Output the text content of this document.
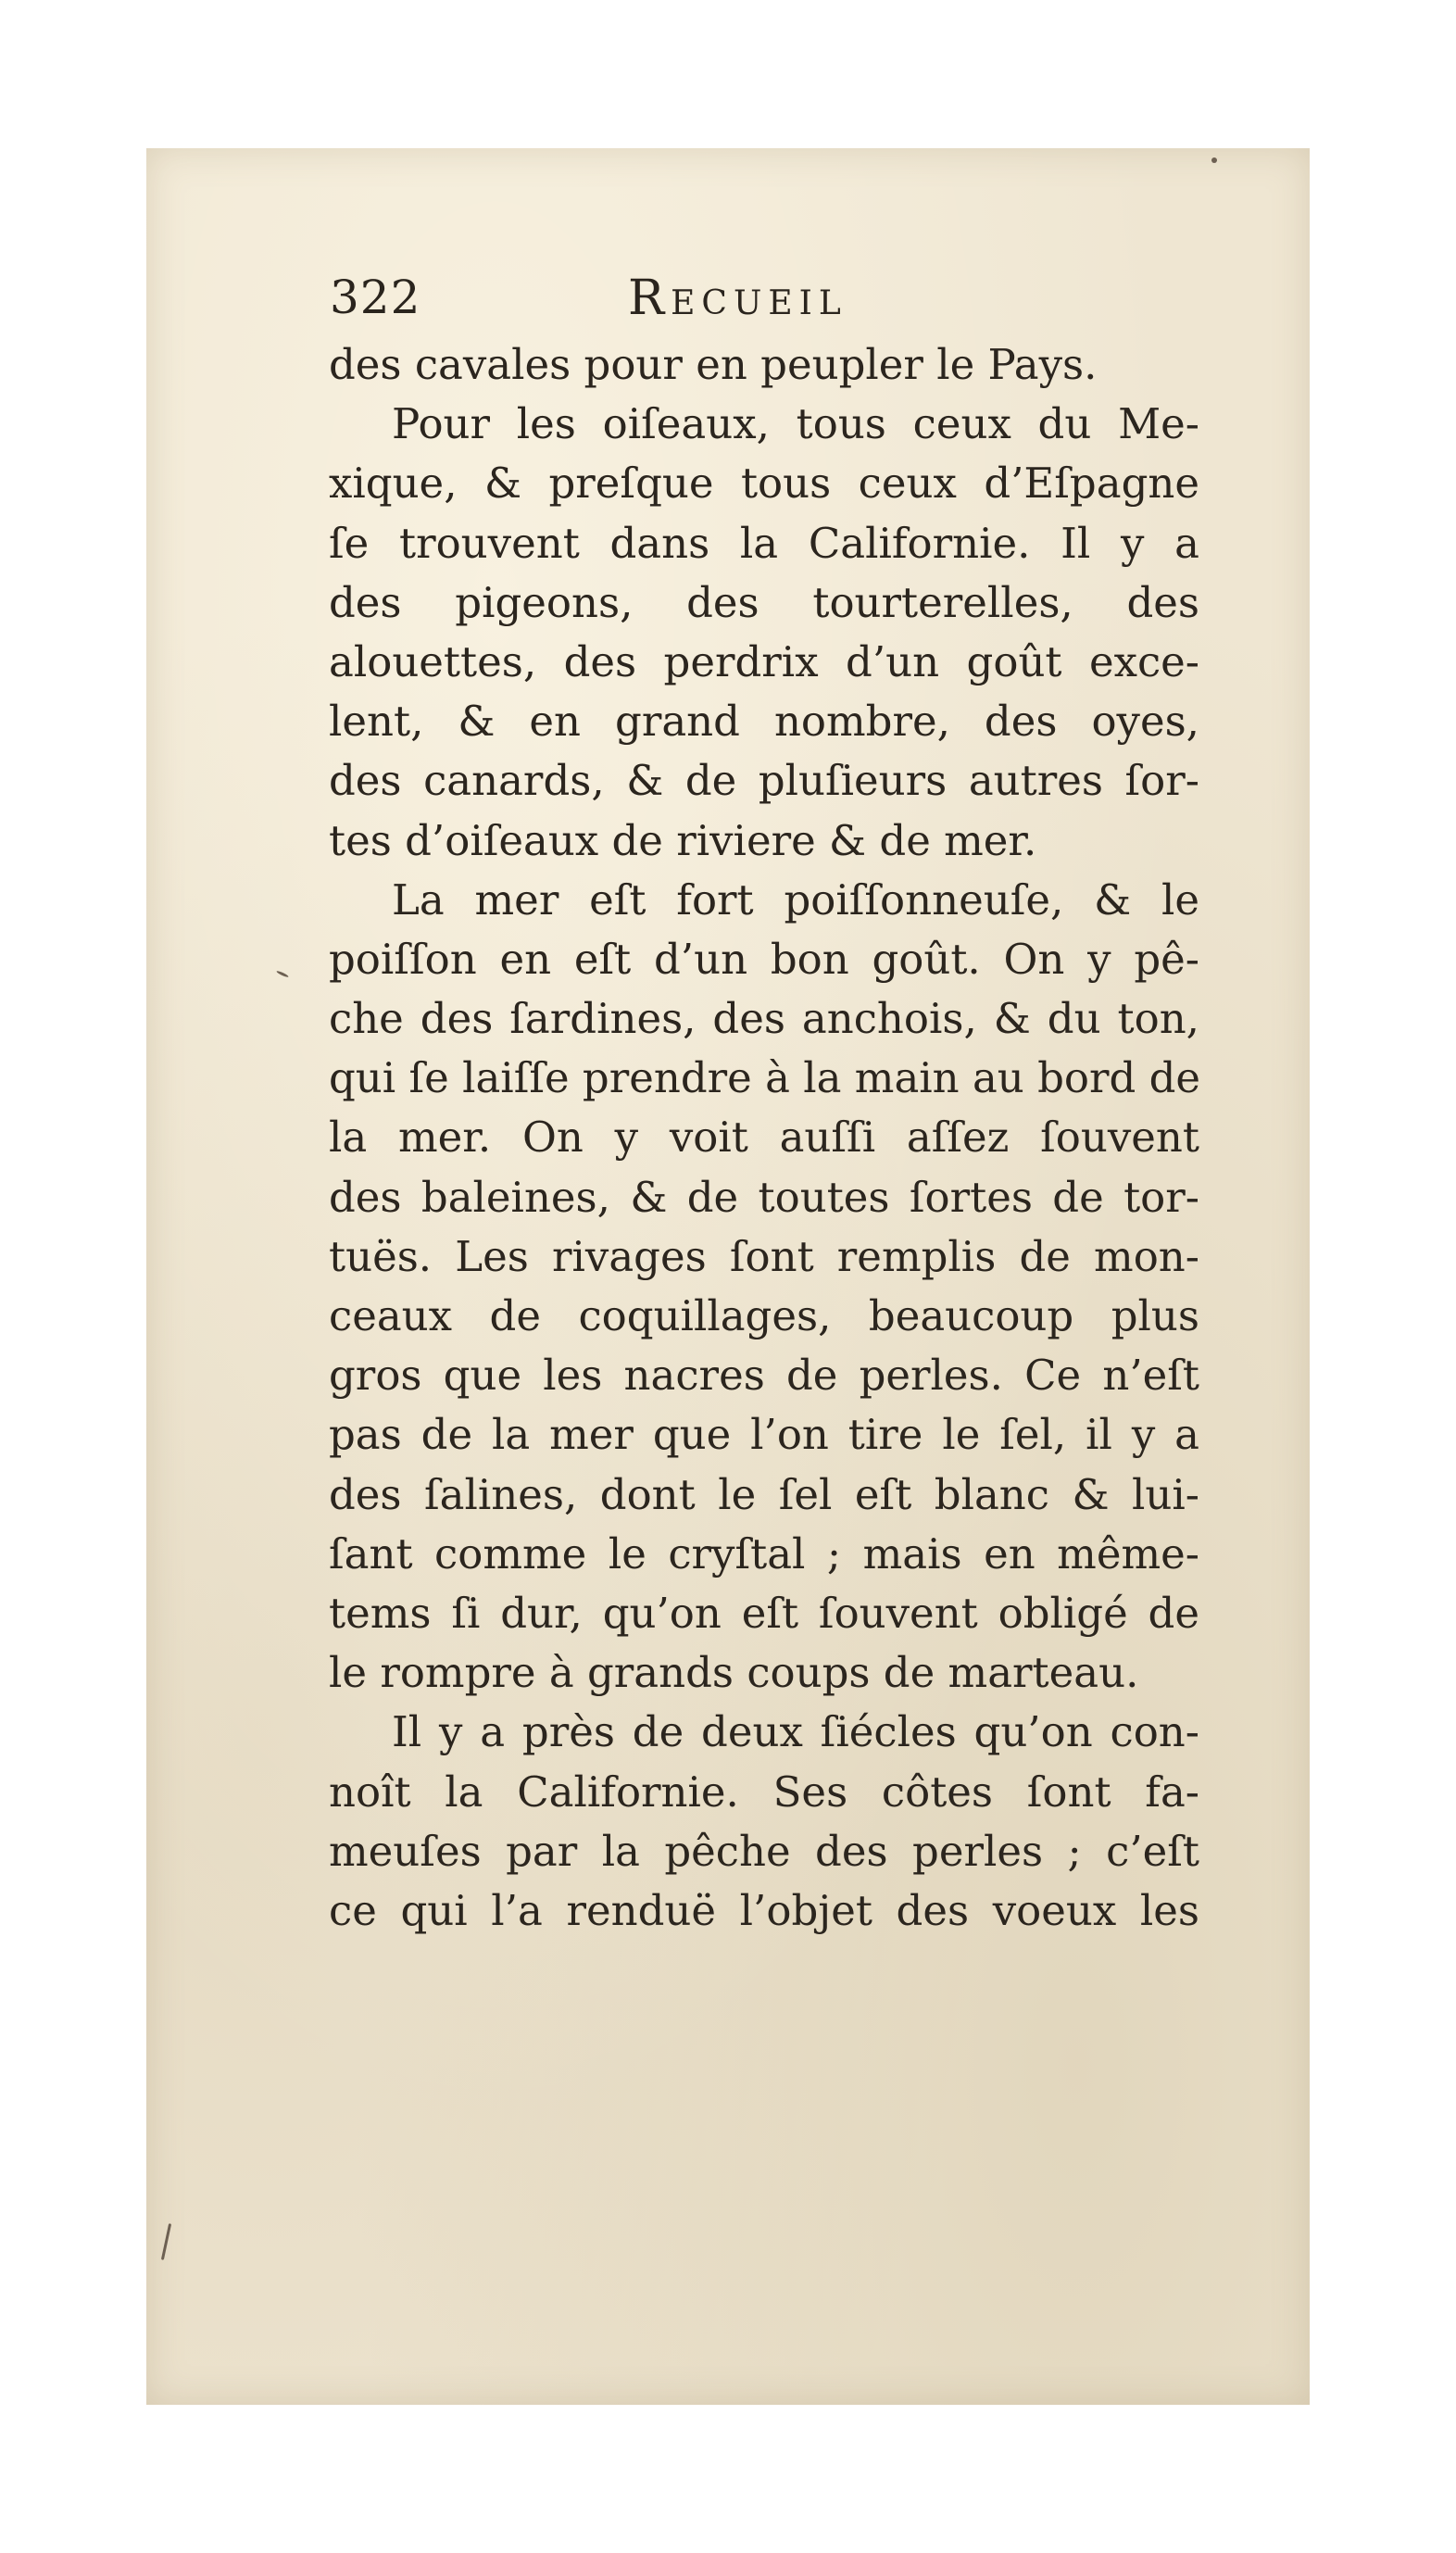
322	Recueil
des cavales pour en peupler le Pays.
Pour les oiſeaux, tous ceux du Me-
xique, & preſque tous ceux d’Eſpagne
ſe trouvent dans la Californie. Il y a
des pigeons, des tourterelles, des
alouettes, des perdrix d’un goût exce-
lent, & en grand nombre, des oyes,
des canards, & de pluſieurs autres ſor-
tes d’oiſeaux de riviere & de mer.
La mer eſt fort poiſſonneuſe, & le
poiſſon en eſt d’un bon goût. On y pê-
che des ſardines, des anchois, & du ton,
qui ſe laiſſe prendre à la main au bord de
la mer. On y voit auſſi aſſez ſouvent
des baleines, & de toutes ſortes de tor-
tuës. Les rivages ſont remplis de mon-
ceaux de coquillages, beaucoup plus
gros que les nacres de perles. Ce n’eſt
pas de la mer que l’on tire le ſel, il y a
des ſalines, dont le ſel eſt blanc & lui-
ſant comme le cryſtal ; mais en même-
tems ſi dur, qu’on eſt ſouvent obligé de
le rompre à grands coups de marteau.
Il y a près de deux ſiécles qu’on con-
noît la Californie. Ses côtes ſont fa-
meuſes par la pêche des perles ; c’eſt
ce qui l’a renduë l’objet des voeux les
